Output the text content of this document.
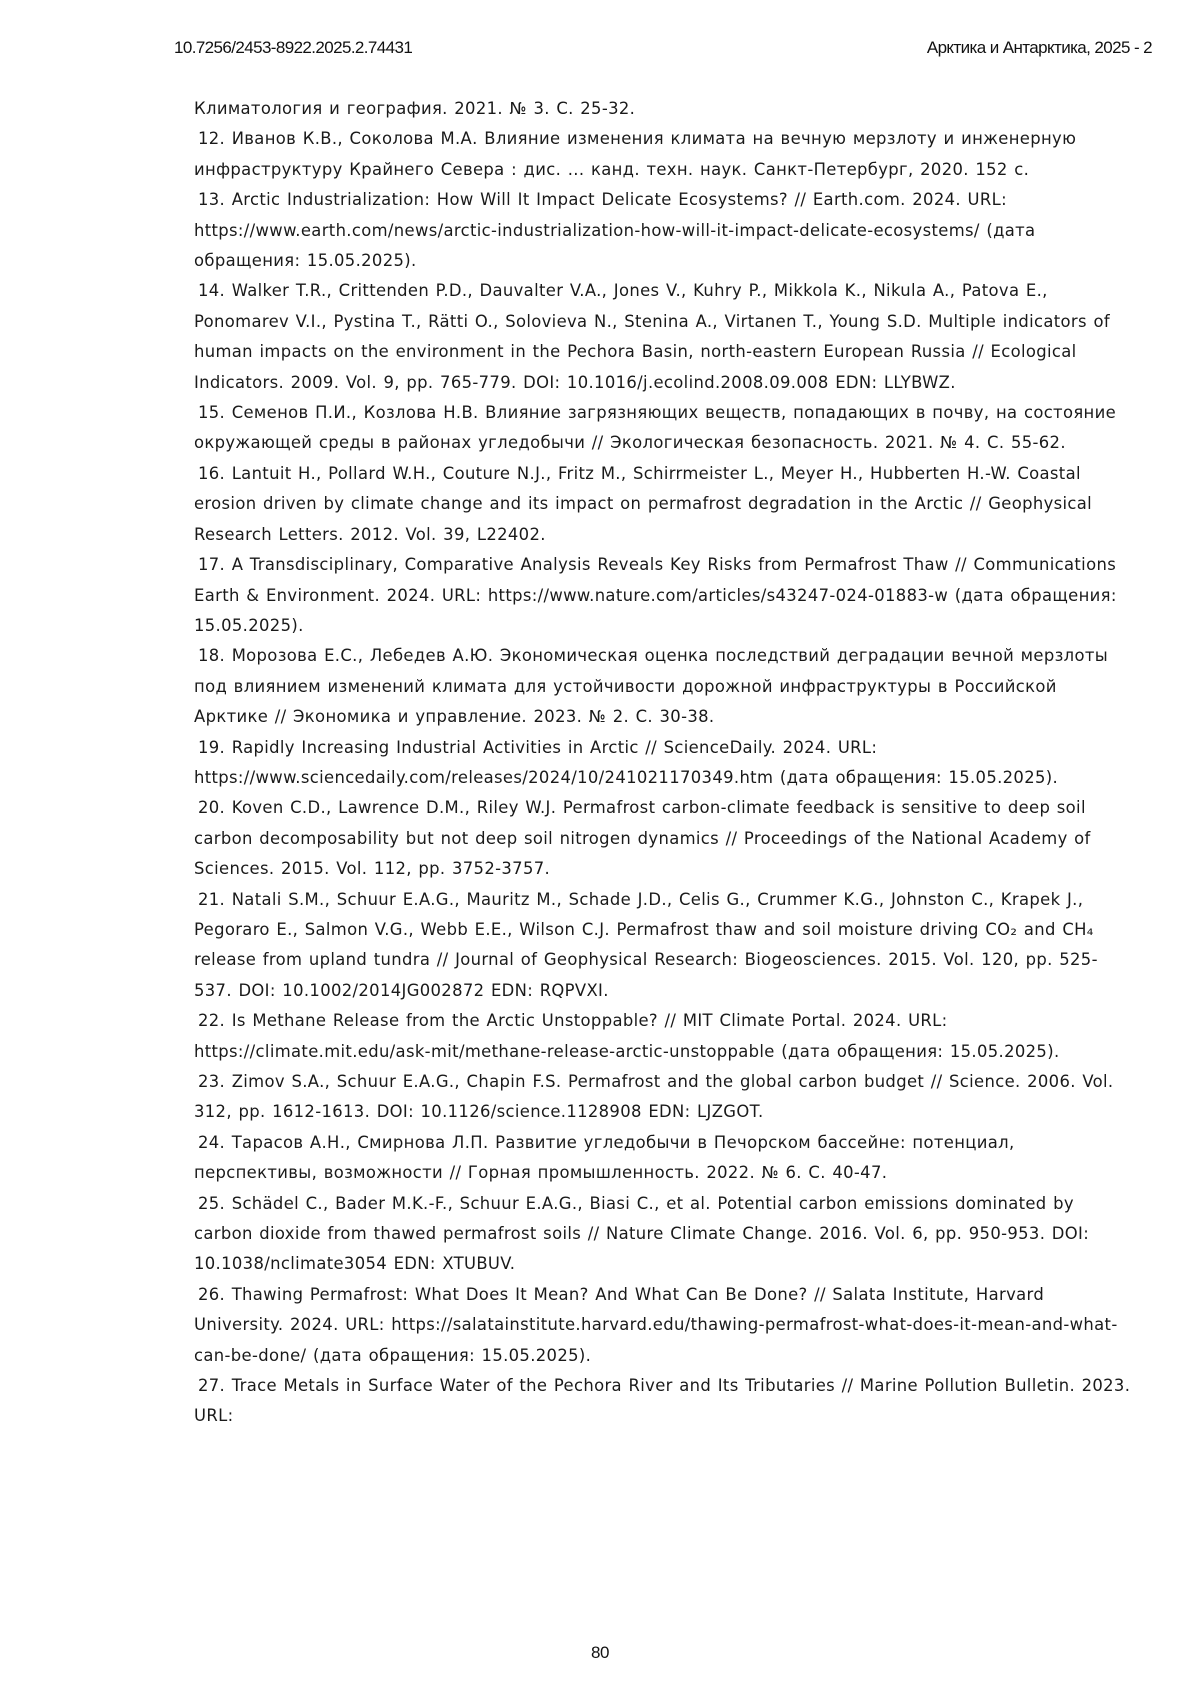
10.7256/2453-8922.2025.2.74431	Арктика и Антарктика, 2025 - 2

Климатология и география. 2021. № 3. С. 25-32.

12. Иванов К.В., Соколова М.А. Влияние изменения климата на вечную мерзлоту и инженерную инфраструктуру Крайнего Севера : дис. ... канд. техн. наук. Санкт-Петербург, 2020. 152 с.

13. Arctic Industrialization: How Will It Impact Delicate Ecosystems? // Earth.com. 2024. URL: https://www.earth.com/news/arctic-industrialization-how-will-it-impact-delicate-ecosystems/ (дата обращения: 15.05.2025).

14. Walker T.R., Crittenden P.D., Dauvalter V.A., Jones V., Kuhry P., Mikkola K., Nikula A., Patova E., Ponomarev V.I., Pystina T., Rätti O., Solovieva N., Stenina A., Virtanen T., Young S.D. Multiple indicators of human impacts on the environment in the Pechora Basin, north-eastern European Russia // Ecological Indicators. 2009. Vol. 9, pp. 765-779. DOI: 10.1016/j.ecolind.2008.09.008 EDN: LLYBWZ.

15. Семенов П.И., Козлова Н.В. Влияние загрязняющих веществ, попадающих в почву, на состояние окружающей среды в районах угледобычи // Экологическая безопасность. 2021. № 4. С. 55-62.

16. Lantuit H., Pollard W.H., Couture N.J., Fritz M., Schirrmeister L., Meyer H., Hubberten H.-W. Coastal erosion driven by climate change and its impact on permafrost degradation in the Arctic // Geophysical Research Letters. 2012. Vol. 39, L22402.

17. A Transdisciplinary, Comparative Analysis Reveals Key Risks from Permafrost Thaw // Communications Earth & Environment. 2024. URL: https://www.nature.com/articles/s43247-024-01883-w (дата обращения: 15.05.2025).

18. Морозова Е.С., Лебедев А.Ю. Экономическая оценка последствий деградации вечной мерзлоты под влиянием изменений климата для устойчивости дорожной инфраструктуры в Российской Арктике // Экономика и управление. 2023. № 2. С. 30-38.

19. Rapidly Increasing Industrial Activities in Arctic // ScienceDaily. 2024. URL: https://www.sciencedaily.com/releases/2024/10/241021170349.htm (дата обращения: 15.05.2025).

20. Koven C.D., Lawrence D.M., Riley W.J. Permafrost carbon-climate feedback is sensitive to deep soil carbon decomposability but not deep soil nitrogen dynamics // Proceedings of the National Academy of Sciences. 2015. Vol. 112, pp. 3752-3757.

21. Natali S.M., Schuur E.A.G., Mauritz M., Schade J.D., Celis G., Crummer K.G., Johnston C., Krapek J., Pegoraro E., Salmon V.G., Webb E.E., Wilson C.J. Permafrost thaw and soil moisture driving CO₂ and CH₄ release from upland tundra // Journal of Geophysical Research: Biogeosciences. 2015. Vol. 120, pp. 525-537. DOI: 10.1002/2014JG002872 EDN: RQPVXI.

22. Is Methane Release from the Arctic Unstoppable? // MIT Climate Portal. 2024. URL: https://climate.mit.edu/ask-mit/methane-release-arctic-unstoppable (дата обращения: 15.05.2025).

23. Zimov S.A., Schuur E.A.G., Chapin F.S. Permafrost and the global carbon budget // Science. 2006. Vol. 312, pp. 1612-1613. DOI: 10.1126/science.1128908 EDN: LJZGOT.

24. Тарасов А.Н., Смирнова Л.П. Развитие угледобычи в Печорском бассейне: потенциал, перспективы, возможности // Горная промышленность. 2022. № 6. С. 40-47.

25. Schädel C., Bader M.K.-F., Schuur E.A.G., Biasi C., et al. Potential carbon emissions dominated by carbon dioxide from thawed permafrost soils // Nature Climate Change. 2016. Vol. 6, pp. 950-953. DOI: 10.1038/nclimate3054 EDN: XTUBUV.

26. Thawing Permafrost: What Does It Mean? And What Can Be Done? // Salata Institute, Harvard University. 2024. URL: https://salatainstitute.harvard.edu/thawing-permafrost-what-does-it-mean-and-what-can-be-done/ (дата обращения: 15.05.2025).

27. Trace Metals in Surface Water of the Pechora River and Its Tributaries // Marine Pollution Bulletin. 2023. URL:

80
